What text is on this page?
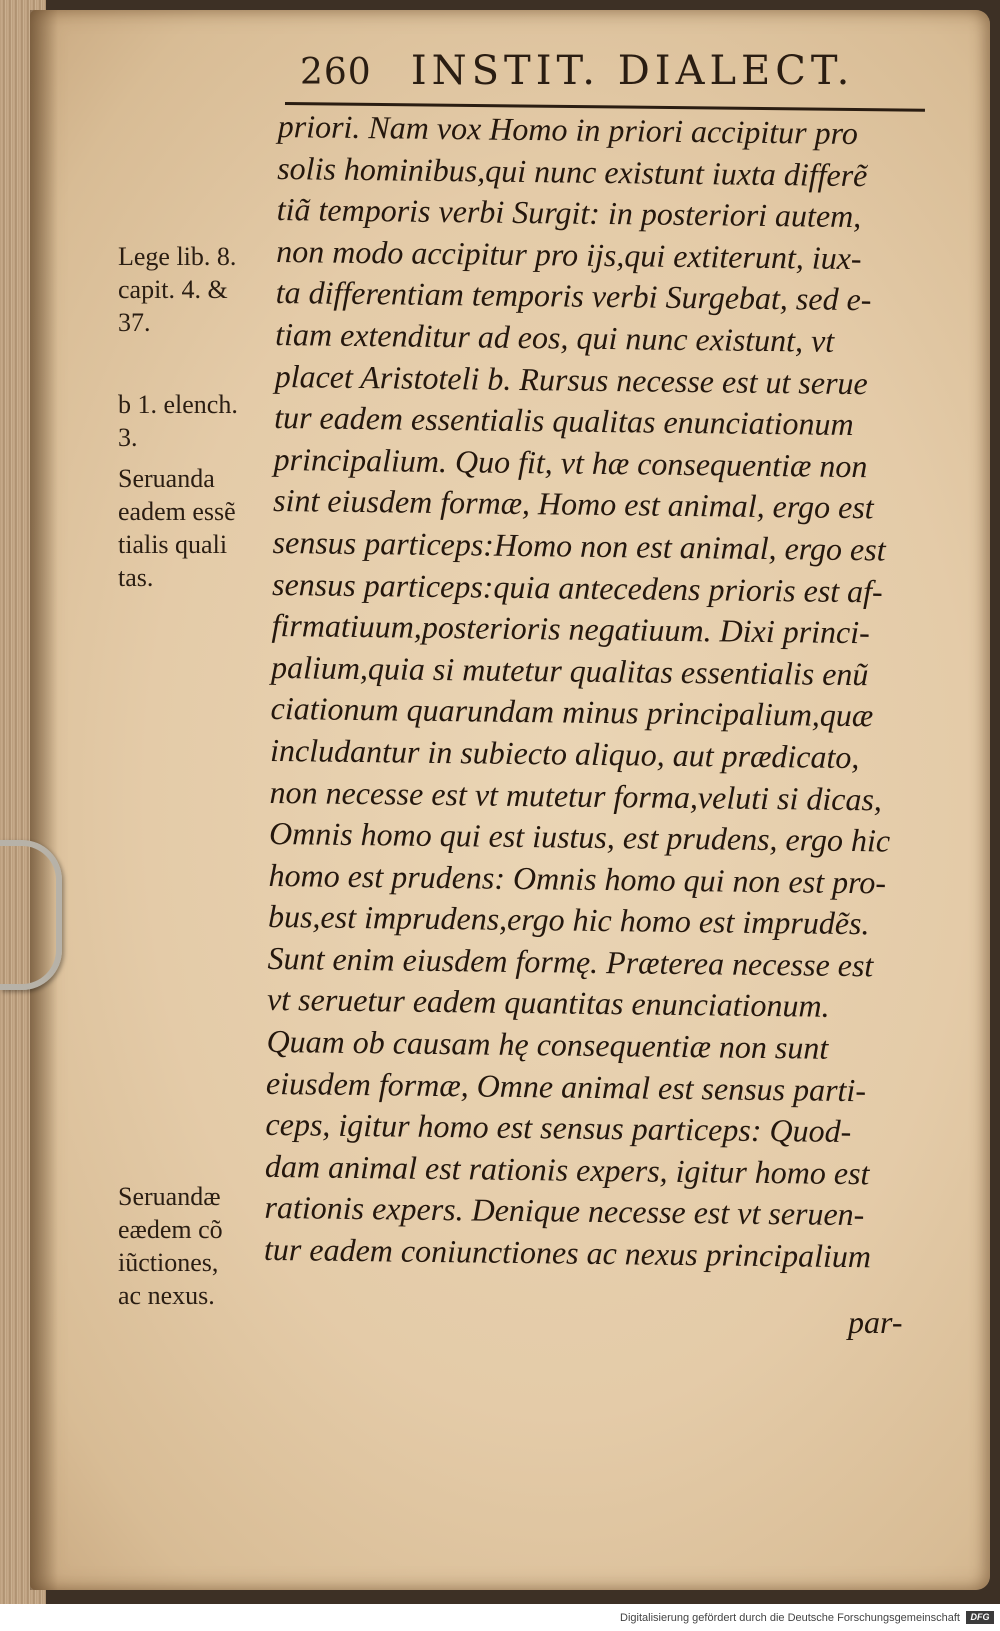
260 INSTIT. DIALECT.
priori. Nam vox Homo in priori accipitur pro
solis hominibus,qui nunc existunt iuxta differẽ
tiã temporis verbi Surgit: in posteriori autem,
non modo accipitur pro ijs,qui extiterunt, iux-
ta differentiam temporis verbi Surgebat, sed e-
tiam extenditur ad eos, qui nunc existunt, vt
placet Aristoteli b. Rursus necesse est ut serue
tur eadem essentialis qualitas enunciationum
principalium. Quo fit, vt hæ consequentiæ non
sint eiusdem formæ, Homo est animal, ergo est
sensus particeps:Homo non est animal, ergo est
sensus particeps:quia antecedens prioris est af-
firmatiuum,posterioris negatiuum. Dixi princi-
palium,quia si mutetur qualitas essentialis enũ
ciationum quarundam minus principalium,quæ
includantur in subiecto aliquo, aut prædicato,
non necesse est vt mutetur forma,veluti si dicas,
Omnis homo qui est iustus, est prudens, ergo hic
homo est prudens: Omnis homo qui non est pro-
bus,est imprudens,ergo hic homo est imprudẽs.
Sunt enim eiusdem formę. Præterea necesse est
vt seruetur eadem quantitas enunciationum.
Quam ob causam hę consequentiæ non sunt
eiusdem formæ, Omne animal est sensus parti-
ceps, igitur homo est sensus particeps: Quod-
dam animal est rationis expers, igitur homo est
rationis expers. Denique necesse est vt seruen-
tur eadem coniunctiones ac nexus principalium
par-
Lege lib. 8.
capit. 4. &
37.
b 1. elench.
3.
Seruanda
eadem essẽ
tialis quali
tas.
Seruandæ
eædem cõ
iũctiones,
ac nexus.
Digitalisierung gefördert durch die Deutsche Forschungsgemeinschaft	DFG
